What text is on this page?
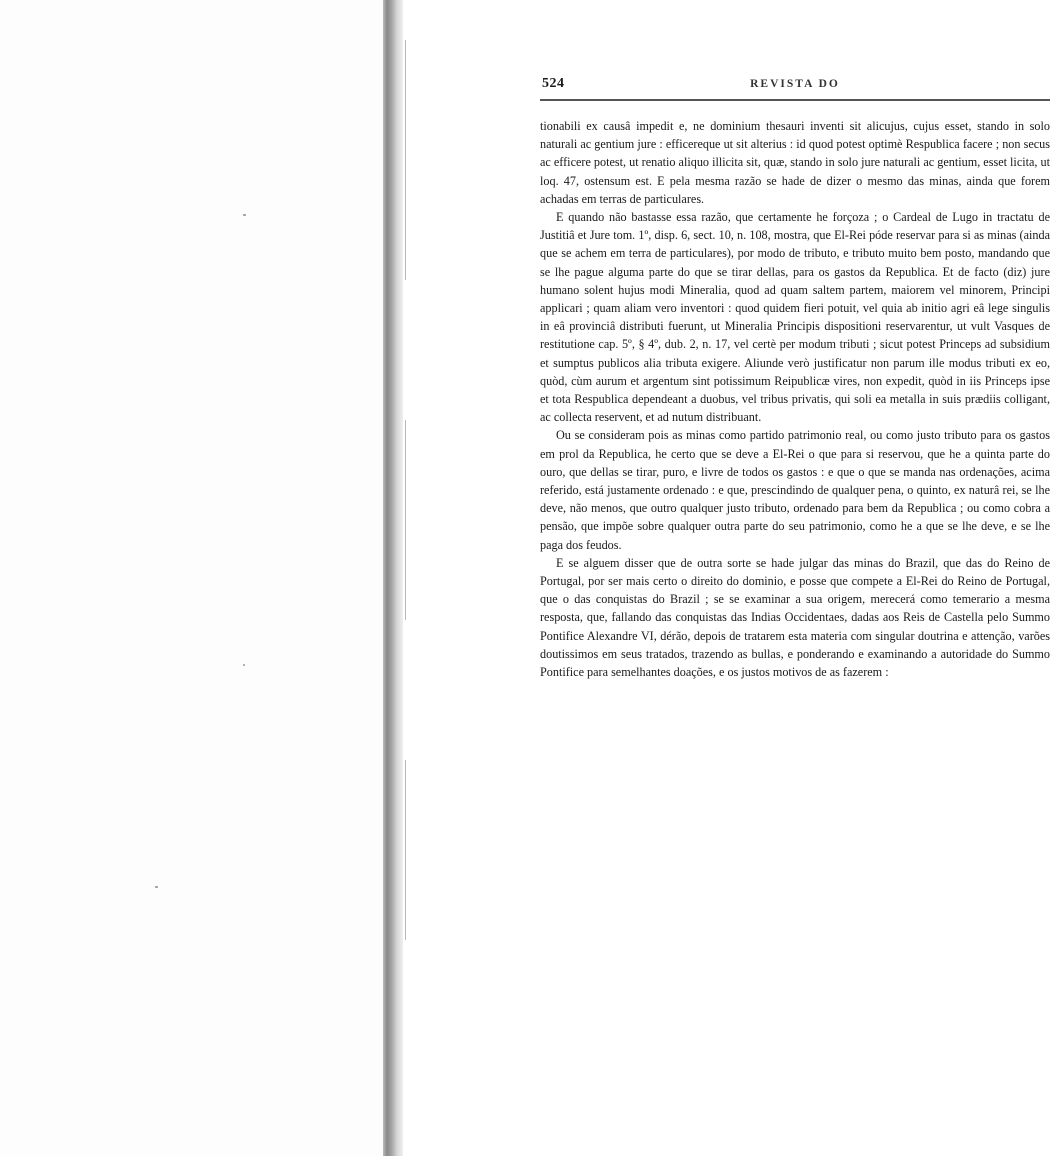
524	REVISTA DO

tionabili ex causâ impedit e, ne dominium thesauri inventi sit alicujus, cujus esset, stando in solo naturali ac gentium jure : efficereque ut sit alterius : id quod potest optimè Respublica facere ; non secus ac efficere potest, ut renatio aliquo illicita sit, quæ, stando in solo jure naturali ac gentium, esset licita, ut loq. 47, ostensum est. E pela mesma razão se hade de dizer o mesmo das minas, ainda que forem achadas em terras de particulares.

E quando não bastasse essa razão, que certamente he forçoza ; o Cardeal de Lugo in tractatu de Justitiâ et Jure tom. 1º, disp. 6, sect. 10, n. 108, mostra, que El-Rei póde reservar para si as minas (ainda que se achem em terra de particulares), por modo de tributo, e tributo muito bem posto, mandando que se lhe pague alguma parte do que se tirar dellas, para os gastos da Republica. Et de facto (diz) jure humano solent hujus modi Mineralia, quod ad quam saltem partem, maiorem vel minorem, Principi applicari ; quam aliam vero inventori : quod quidem fieri potuit, vel quia ab initio agri eâ lege singulis in eâ provinciâ distributi fuerunt, ut Mineralia Principis dispositioni reservarentur, ut vult Vasques de restitutione cap. 5º, § 4º, dub. 2, n. 17, vel certè per modum tributi ; sicut potest Princeps ad subsidium et sumptus publicos alia tributa exigere. Aliunde verò justificatur non parum ille modus tributi ex eo, quòd, cùm aurum et argentum sint potissimum Reipublicæ vires, non expedit, quòd in iis Princeps ipse et tota Respublica dependeant a duobus, vel tribus privatis, qui soli ea metalla in suis prædiis colligant, ac collecta reservent, et ad nutum distribuant.

Ou se consideram pois as minas como partido patrimonio real, ou como justo tributo para os gastos em prol da Republica, he certo que se deve a El-Rei o que para si reservou, que he a quinta parte do ouro, que dellas se tirar, puro, e livre de todos os gastos : e que o que se manda nas ordenações, acima referido, está justamente ordenado : e que, prescindindo de qualquer pena, o quinto, ex naturâ rei, se lhe deve, não menos, que outro qualquer justo tributo, ordenado para bem da Republica ; ou como cobra a pensão, que impõe sobre qualquer outra parte do seu patrimonio, como he a que se lhe deve, e se lhe paga dos feudos.

E se alguem disser que de outra sorte se hade julgar das minas do Brazil, que das do Reino de Portugal, por ser mais certo o direito do dominio, e posse que compete a El-Rei do Reino de Portugal, que o das conquistas do Brazil ; se se examinar a sua origem, merecerá como temerario a mesma resposta, que, fallando das conquistas das Indias Occidentaes, dadas aos Reis de Castella pelo Summo Pontifice Alexandre VI, dérão, depois de tratarem esta materia com singular doutrina e attenção, varões doutissimos em seus tratados, trazendo as bullas, e ponderando e examinando a autoridade do Summo Pontifice para semelhantes doações, e os justos motivos de as fazerem :
